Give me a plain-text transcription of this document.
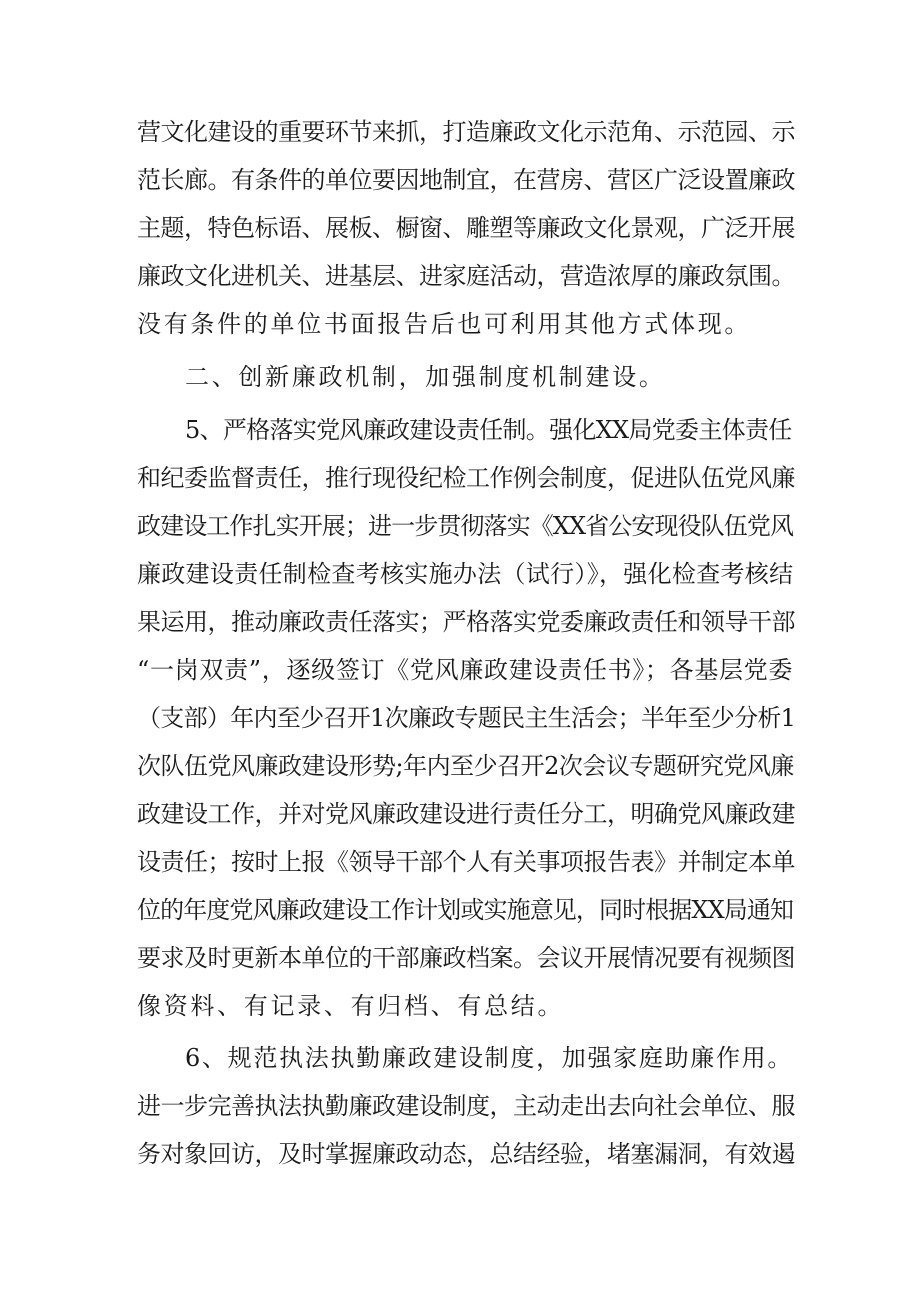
营文化建设的重要环节来抓，打造廉政文化示范角、示范园、示
范长廊。有条件的单位要因地制宜，在营房、营区广泛设置廉政
主题，特色标语、展板、橱窗、雕塑等廉政文化景观，广泛开展
廉政文化进机关、进基层、进家庭活动，营造浓厚的廉政氛围。
没有条件的单位书面报告后也可利用其他方式体现。
二、创新廉政机制，加强制度机制建设。
5、严格落实党风廉政建设责任制。强化XX局党委主体责任
和纪委监督责任，推行现役纪检工作例会制度，促进队伍党风廉
政建设工作扎实开展；进一步贯彻落实《XX省公安现役队伍党风
廉政建设责任制检查考核实施办法（试行）》，强化检查考核结
果运用，推动廉政责任落实；严格落实党委廉政责任和领导干部
“一岗双责”，逐级签订《党风廉政建设责任书》；各基层党委
（支部）年内至少召开1次廉政专题民主生活会；半年至少分析1
次队伍党风廉政建设形势;年内至少召开2次会议专题研究党风廉
政建设工作，并对党风廉政建设进行责任分工，明确党风廉政建
设责任；按时上报《领导干部个人有关事项报告表》并制定本单
位的年度党风廉政建设工作计划或实施意见，同时根据XX局通知
要求及时更新本单位的干部廉政档案。会议开展情况要有视频图
像资料、有记录、有归档、有总结。
6、规范执法执勤廉政建设制度，加强家庭助廉作用。
进一步完善执法执勤廉政建设制度，主动走出去向社会单位、服
务对象回访，及时掌握廉政动态，总结经验，堵塞漏洞，有效遏
